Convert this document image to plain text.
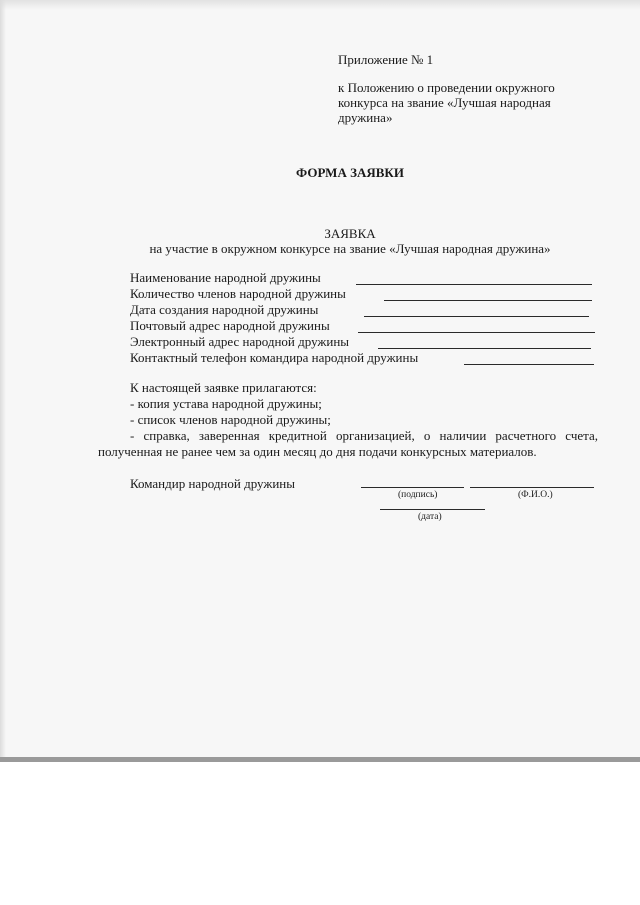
Приложение № 1
к Положению о проведении окружного
конкурса на звание «Лучшая народная
дружина»
ФОРМА ЗАЯВКИ
ЗАЯВКА
на участие в окружном конкурсе на звание «Лучшая народная дружина»
Наименование народной дружины
Количество членов народной дружины
Дата создания народной дружины
Почтовый адрес народной дружины
Электронный адрес народной дружины
Контактный телефон командира народной дружины
К настоящей заявке прилагаются:
- копия устава народной дружины;
- список членов народной дружины;
- справка, заверенная кредитной организацией, о наличии расчетного счета, полученная не ранее чем за один месяц до дня подачи конкурсных материалов.
Командир народной дружины
(подпись)	(Ф.И.О.)
(дата)
